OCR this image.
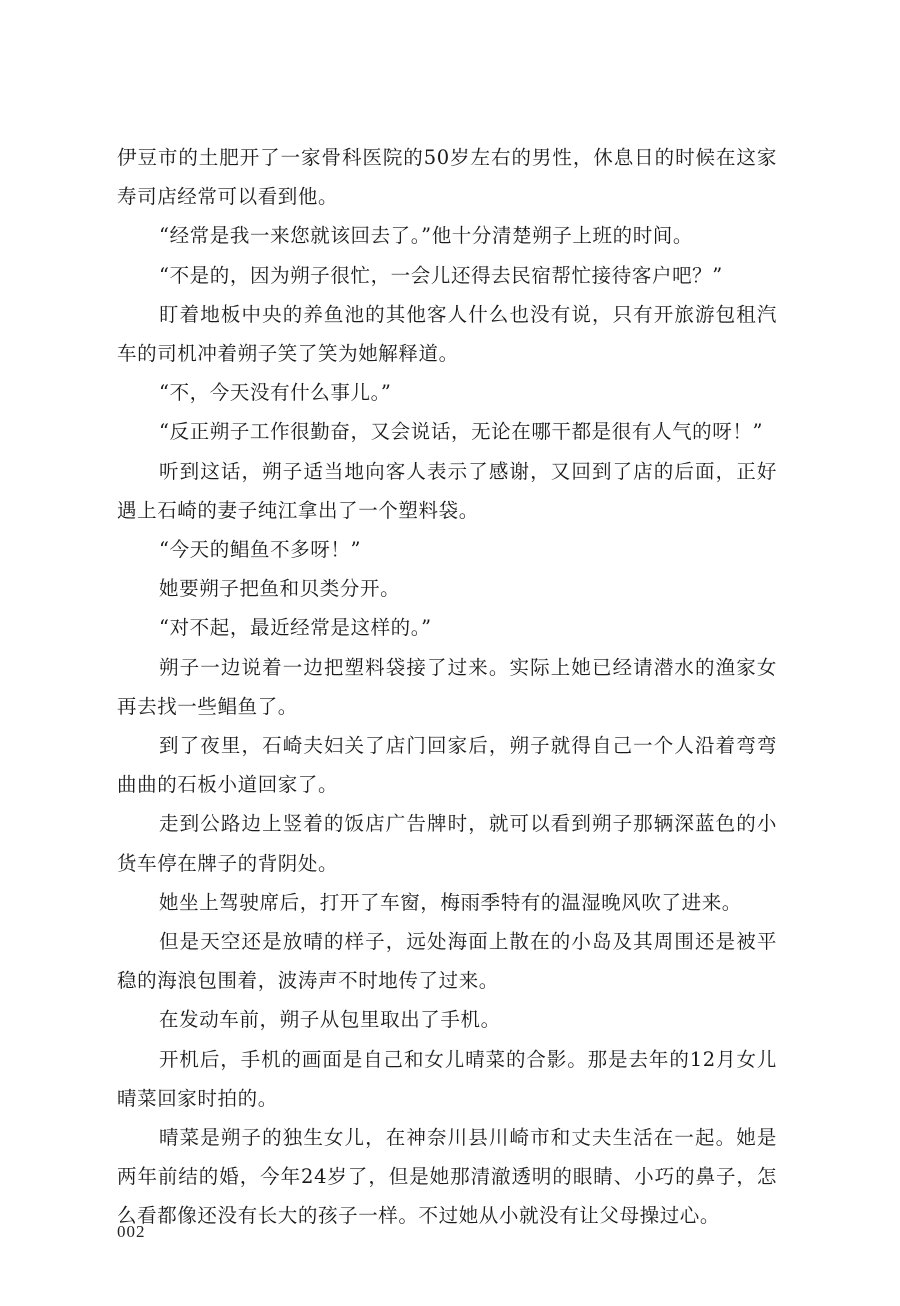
伊豆市的土肥开了一家骨科医院的50岁左右的男性，休息日的时候在这家寿司店经常可以看到他。

“经常是我一来您就该回去了。”他十分清楚朔子上班的时间。

“不是的，因为朔子很忙，一会儿还得去民宿帮忙接待客户吧？”

盯着地板中央的养鱼池的其他客人什么也没有说，只有开旅游包租汽车的司机冲着朔子笑了笑为她解释道。

“不，今天没有什么事儿。”

“反正朔子工作很勤奋，又会说话，无论在哪干都是很有人气的呀！”

听到这话，朔子适当地向客人表示了感谢，又回到了店的后面，正好遇上石崎的妻子纯江拿出了一个塑料袋。

“今天的鲳鱼不多呀！”

她要朔子把鱼和贝类分开。

“对不起，最近经常是这样的。”

朔子一边说着一边把塑料袋接了过来。实际上她已经请潜水的渔家女再去找一些鲳鱼了。

到了夜里，石崎夫妇关了店门回家后，朔子就得自己一个人沿着弯弯曲曲的石板小道回家了。

走到公路边上竖着的饭店广告牌时，就可以看到朔子那辆深蓝色的小货车停在牌子的背阴处。

她坐上驾驶席后，打开了车窗，梅雨季特有的温湿晚风吹了进来。

但是天空还是放晴的样子，远处海面上散在的小岛及其周围还是被平稳的海浪包围着，波涛声不时地传了过来。

在发动车前，朔子从包里取出了手机。

开机后，手机的画面是自己和女儿晴菜的合影。那是去年的12月女儿晴菜回家时拍的。

晴菜是朔子的独生女儿，在神奈川县川崎市和丈夫生活在一起。她是两年前结的婚，今年24岁了，但是她那清澈透明的眼睛、小巧的鼻子，怎么看都像还没有长大的孩子一样。不过她从小就没有让父母操过心。

002
